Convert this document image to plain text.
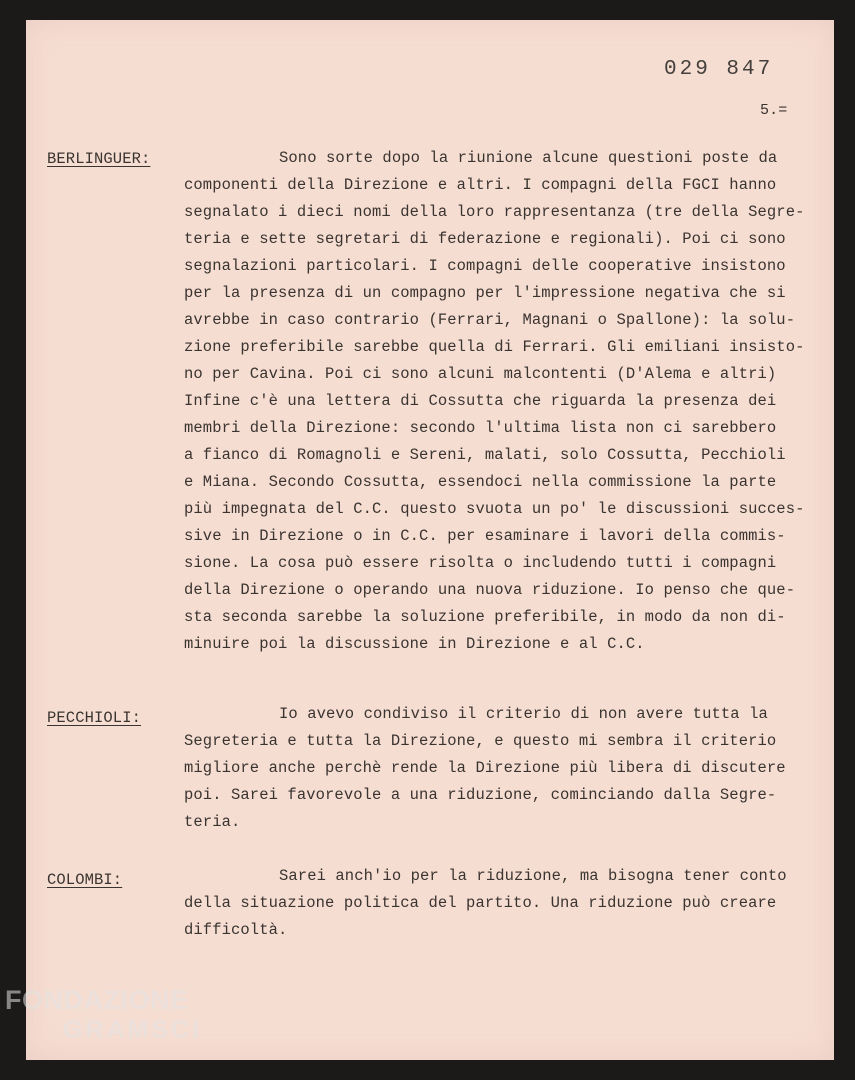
029 847
5.=
BERLINGUER:	Sono sorte dopo la riunione alcune questioni poste da
componenti della Direzione e altri. I compagni della FGCI hanno
segnalato i dieci nomi della loro rappresentanza (tre della Segre-
teria e sette segretari di federazione e regionali). Poi ci sono
segnalazioni particolari. I compagni delle cooperative insistono
per la presenza di un compagno per l'impressione negativa che si
avrebbe in caso contrario (Ferrari, Magnani o Spallone): la solu-
zione preferibile sarebbe quella di Ferrari. Gli emiliani insisto-
no per Cavina. Poi ci sono alcuni malcontenti (D'Alema e altri)
Infine c'è una lettera di Cossutta che riguarda la presenza dei
membri della Direzione: secondo l'ultima lista non ci sarebbero
a fianco di Romagnoli e Sereni, malati, solo Cossutta, Pecchioli
e Miana. Secondo Cossutta, essendoci nella commissione la parte
più impegnata del C.C. questo svuota un po' le discussioni succes-
sive in Direzione o in C.C. per esaminare i lavori della commis-
sione. La cosa può essere risolta o includendo tutti i compagni
della Direzione o operando una nuova riduzione. Io penso che que-
sta seconda sarebbe la soluzione preferibile, in modo da non di-
minuire poi la discussione in Direzione e al C.C.
PECCHIOLI:	Io avevo condiviso il criterio di non avere tutta la
Segreteria e tutta la Direzione, e questo mi sembra il criterio
migliore anche perchè rende la Direzione più libera di discutere
poi. Sarei favorevole a una riduzione, cominciando dalla Segre-
teria.
COLOMBI:	Sarei anch'io per la riduzione, ma bisogna tener conto
della situazione politica del partito. Una riduzione può creare
difficoltà.
FONDAZIONE
GRAMSCI
